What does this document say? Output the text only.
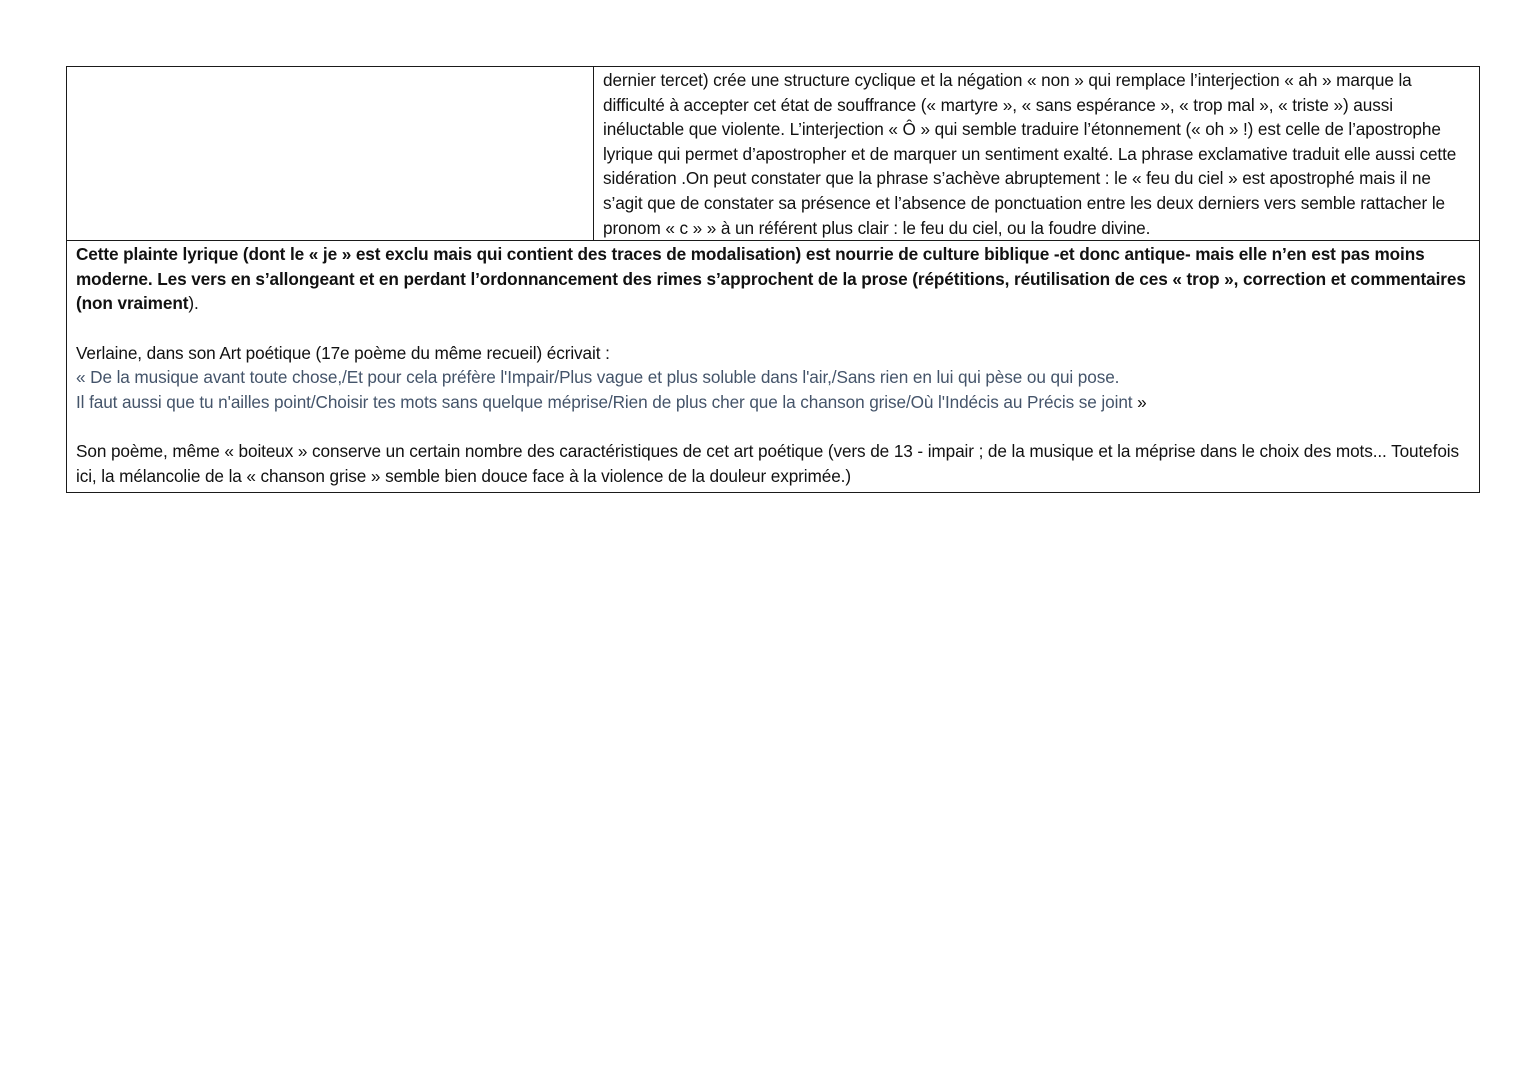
dernier tercet) crée une structure cyclique et la négation « non » qui remplace l’interjection « ah » marque la difficulté à accepter cet état de souffrance (« martyre », « sans espérance », « trop mal », « triste ») aussi inéluctable que violente. L’interjection « Ô » qui semble traduire l’étonnement (« oh » !) est celle de l’apostrophe lyrique qui permet d’apostropher et de marquer un sentiment exalté. La phrase exclamative traduit elle aussi cette sidération .On peut constater que la phrase s’achève abruptement : le « feu du ciel » est apostrophé mais il ne s’agit que de constater sa présence et l’absence de ponctuation entre les deux derniers vers semble rattacher le pronom « c » » à un référent plus clair : le feu du ciel, ou la foudre divine.

Cette plainte lyrique (dont le « je » est exclu mais qui contient des traces de modalisation) est nourrie de culture biblique -et donc antique- mais elle n’en est pas moins moderne. Les vers en s’allongeant et en perdant l’ordonnancement des rimes s’approchent de la prose (répétitions, réutilisation de ces « trop », correction et commentaires (non vraiment).
Verlaine, dans son Art poétique (17e poème du même recueil) écrivait :
« De la musique avant toute chose,/Et pour cela préfère l'Impair/Plus vague et plus soluble dans l'air,/Sans rien en lui qui pèse ou qui pose.
Il faut aussi que tu n'ailles point/Choisir tes mots sans quelque méprise/Rien de plus cher que la chanson grise/Où l'Indécis au Précis se joint »
Son poème, même « boiteux » conserve un certain nombre des caractéristiques de cet art poétique (vers de 13 - impair ; de la musique et la méprise dans le choix des mots... Toutefois ici, la mélancolie de la « chanson grise » semble bien douce face à la violence de la douleur exprimée.)
